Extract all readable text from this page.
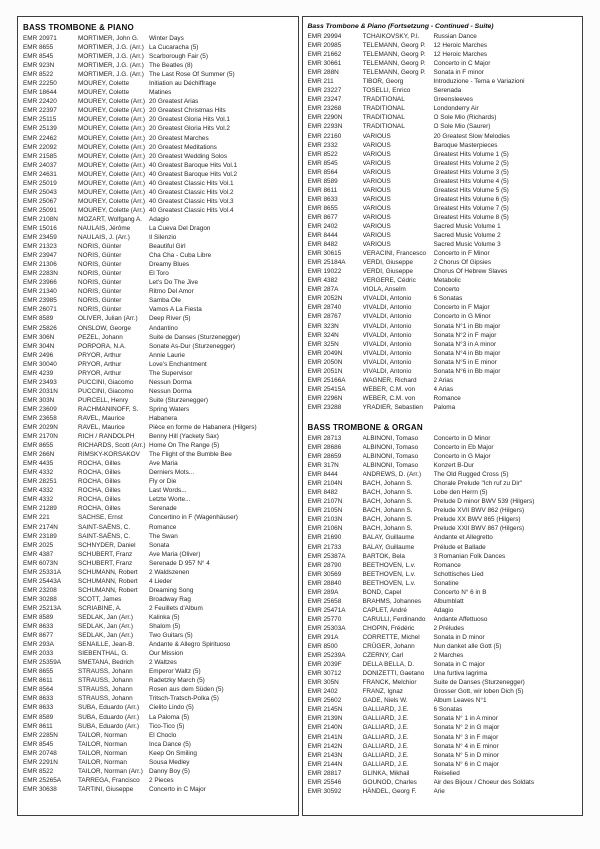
BASS TROMBONE & PIANO
EMR 20971	MORTIMER, John G.	Winter Days
EMR 8655	MORTIMER, J.G. (Arr.) La Cucaracha (5)
EMR 8545	MORTIMER, J.G. (Arr.) Scarborough Fair (5)
EMR 923N	MORTIMER, J.G. (Arr.) The Beatles (8)
EMR 8522	MORTIMER, J.G. (Arr.) The Last Rose Of Summer (5)
EMR 22250	MOUREY, Colette	Initiation au Déchiffrage
EMR 18644	MOUREY, Colette	Matines
EMR 22420	MOUREY, Colette (Arr.) 20 Greatest Arias
EMR 22397	MOUREY, Colette (Arr.) 20 Greatest Christmas Hits
EMR 25115	MOUREY, Colette (Arr.) 20 Greatest Gloria Hits Vol.1
EMR 25139	MOUREY, Colette (Arr.) 20 Greatest Gloria Hits Vol.2
EMR 22462	MOUREY, Colette (Arr.) 20 Greatest Marches
EMR 22092	MOUREY, Colette (Arr.) 20 Greatest Meditations
EMR 21585	MOUREY, Colette (Arr.) 20 Greatest Wedding Solos
EMR 24037	MOUREY, Colette (Arr.) 40 Greatest Baroque Hits Vol.1
EMR 24631	MOUREY, Colette (Arr.) 40 Greatest Baroque Hits Vol.2
EMR 25019	MOUREY, Colette (Arr.) 40 Greatest Classic Hits Vol.1
EMR 25043	MOUREY, Colette (Arr.) 40 Greatest Classic Hits Vol.2
EMR 25067	MOUREY, Colette (Arr.) 40 Greatest Classic Hits Vol.3
EMR 25091	MOUREY, Colette (Arr.) 40 Greatest Classic Hits Vol.4
EMR 2108N	MOZART, Wolfgang A.	Adagio
EMR 15016	NAULAIS, Jérôme	La Cueva Del Dragon
EMR 23459	NAULAIS, J. (Arr.)	Il Silenzio
EMR 21323	NORIS, Günter	Beautiful Girl
EMR 23947	NORIS, Günter	Cha Cha - Cuba Libre
EMR 21306	NORIS, Günter	Dreamy Blues
EMR 2283N	NORIS, Günter	El Toro
EMR 23966	NORIS, Günter	Let's Do The Jive
EMR 21340	NORIS, Günter	Ritmo Del Amor
EMR 23985	NORIS, Günter	Samba Ole
EMR 26071	NORIS, Günter	Vamos A La Fiesta
EMR 8589	OLIVER, Julian (Arr.)	Deep River (5)
EMR 25826	ONSLOW, George	Andantino
EMR 306N	PEZEL, Johann	Suite de Danses (Sturzenegger)
EMR 304N	PORPORA, N.A.	Sonate As-Dur (Sturzenegger)
EMR 2496	PRYOR, Arthur	Annie Laurie
EMR 30040	PRYOR, Arthur	Love's Enchantment
EMR 4239	PRYOR, Arthur	The Supervisor
EMR 23493	PUCCINI, Giacomo	Nessun Dorma
EMR 2031N	PUCCINI, Giacomo	Nessun Dorma
EMR 303N	PURCELL, Henry	Suite (Sturzenegger)
EMR 23609	RACHMANINOFF, S.	Spring Waters
EMR 23658	RAVEL, Maurice	Habanera
EMR 2029N	RAVEL, Maurice	Pièce en forme de Habanera (Hilgers)
EMR 2170N	RICH / RANDOLPH	Benny Hill (Yackety Sax)
EMR 8655	RICHARDS, Scott (Arr.) Home On The Range (5)
EMR 266N	RIMSKY-KORSAKOV	The Flight of the Bumble Bee
EMR 4435	ROCHA, Gilles	Ave Maria
EMR 4332	ROCHA, Gilles	Derniers Mots...
EMR 28251	ROCHA, Gilles	Fly or Die
EMR 4332	ROCHA, Gilles	Last Words...
EMR 4332	ROCHA, Gilles	Letzte Worte...
EMR 21289	ROCHA, Gilles	Serenade
EMR 221	SACHSE, Ernst	Concertino in F (Wagenhäuser)
EMR 2174N	SAINT-SAËNS, C.	Romance
EMR 23189	SAINT-SAËNS, C.	The Swan
EMR 2025	SCHNYDER, Daniel	Sonata
EMR 4387	SCHUBERT, Franz	Ave Maria (Oliver)
EMR 6073N	SCHUBERT, Franz	Serenade D 957 N° 4
EMR 25331A	SCHUMANN, Robert	2 Waldszenen
EMR 25443A	SCHUMANN, Robert	4 Lieder
EMR 23208	SCHUMANN, Robert	Dreaming Song
EMR 30288	SCOTT, James	Broadway Rag
EMR 25213A	SCRIABINE, A.	2 Feuillets d'Album
EMR 8589	SEDLAK, Jan (Arr.)	Kalinka (5)
EMR 8633	SEDLAK, Jan (Arr.)	Shalom (5)
EMR 8677	SEDLAK, Jan (Arr.)	Two Guitars (5)
EMR 293A	SENAILLE, Jean-B.	Andante & Allegro Spirituoso
EMR 2033	SIEBENTHAL, G.	Our Mission
EMR 25359A	SMETANA, Bedrich	2 Waltzes
EMR 8655	STRAUSS, Johann	Emperor Waltz (5)
EMR 8611	STRAUSS, Johann	Radetzky March (5)
EMR 8564	STRAUSS, Johann	Rosen aus dem Süden (5)
EMR 8633	STRAUSS, Johann	Tritsch-Tratsch-Polka (5)
EMR 8633	SUBA, Eduardo (Arr.)	Cielito Lindo (5)
EMR 8589	SUBA, Eduardo (Arr.)	La Paloma (5)
EMR 8611	SUBA, Eduardo (Arr.)	Tico-Tico (5)
EMR 2285N	TAILOR, Norman	El Choclo
EMR 8545	TAILOR, Norman	Inca Dance (5)
EMR 20748	TAILOR, Norman	Keep On Smiling
EMR 2291N	TAILOR, Norman	Sousa Medley
EMR 8522	TAILOR, Norman (Arr.) Danny Boy (5)
EMR 25265A	TARREGA, Francisco	2 Pieces
EMR 30638	TARTINI, Giuseppe	Concerto in C Major
Bass Trombone & Piano (Fortsetzung - Continued - Suite)
EMR 29994	TCHAIKOVSKY, P.I.	Russian Dance
EMR 20985	TELEMANN, Georg P.	12 Heroic Marches
EMR 21662	TELEMANN, Georg P.	12 Heroic Marches
EMR 30661	TELEMANN, Georg P.	Concerto in C Major
EMR 288N	TELEMANN, Georg P.	Sonata in F minor
EMR 211	TIBOR, Georg	Introduzione - Tema e Variazioni
EMR 23227	TOSELLI, Enrico	Serenada
EMR 23247	TRADITIONAL	Greensleeves
EMR 23268	TRADITIONAL	Londonderry Air
EMR 2290N	TRADITIONAL	O Sole Mio (Richards)
EMR 2293N	TRADITIONAL	O Sole Mio (Saurer)
EMR 22160	VARIOUS	20 Greatest Slow Melodies
EMR 2332	VARIOUS	Baroque Masterpieces
EMR 8522	VARIOUS	Greatest Hits Volume 1 (5)
EMR 8545	VARIOUS	Greatest Hits Volume 2 (5)
EMR 8564	VARIOUS	Greatest Hits Volume 3 (5)
EMR 8589	VARIOUS	Greatest Hits Volume 4 (5)
EMR 8611	VARIOUS	Greatest Hits Volume 5 (5)
EMR 8633	VARIOUS	Greatest Hits Volume 6 (5)
EMR 8655	VARIOUS	Greatest Hits Volume 7 (5)
EMR 8677	VARIOUS	Greatest Hits Volume 8 (5)
EMR 2402	VARIOUS	Sacred Music Volume 1
EMR 8444	VARIOUS	Sacred Music Volume 2
EMR 8482	VARIOUS	Sacred Music Volume 3
EMR 30615	VERACINI, Francesco	Concerto in F Minor
EMR 25184A	VERDI, Giuseppe	2 Chorus Of Gipsies
EMR 19022	VERDI, Giuseppe	Chorus Of Hebrew Slaves
EMR 4382	VERGERE, Cédric	Metabolic
EMR 287A	VIOLA, Anselm	Concerto
EMR 2052N	VIVALDI, Antonio	6 Sonatas
EMR 28740	VIVALDI, Antonio	Concerto in F Major
EMR 28767	VIVALDI, Antonio	Concerto in G Minor
EMR 323N	VIVALDI, Antonio	Sonata N°1 in Bb major
EMR 324N	VIVALDI, Antonio	Sonata N°2 in F major
EMR 325N	VIVALDI, Antonio	Sonata N°3 in A minor
EMR 2049N	VIVALDI, Antonio	Sonata N°4 in Bb major
EMR 2050N	VIVALDI, Antonio	Sonata N°5 in E minor
EMR 2051N	VIVALDI, Antonio	Sonata N°6 in Bb major
EMR 25166A	WAGNER, Richard	2 Arias
EMR 25415A	WEBER, C.M. von	4 Arias
EMR 2296N	WEBER, C.M. von	Romance
EMR 23288	YRADIER, Sebastien	Paloma
BASS TROMBONE & ORGAN
EMR 28713	ALBINONI, Tomaso	Concerto in D Minor
EMR 28686	ALBINONI, Tomaso	Concerto in Eb Major
EMR 28659	ALBINONI, Tomaso	Concerto in G Major
EMR 317N	ALBINONI, Tomaso	Konzert B-Dur
EMR 8444	ANDREWS, D. (Arr.)	The Old Rugged Cross (5)
EMR 2104N	BACH, Johann S.	Chorale Prelude "Ich ruf zu Dir"
EMR 8482	BACH, Johann S.	Lobe den Herrn (5)
EMR 2107N	BACH, Johann S.	Prelude D minor BWV 539 (Hilgers)
EMR 2105N	BACH, Johann S.	Prelude XVII BWV 862 (Hilgers)
EMR 2103N	BACH, Johann S.	Prelude XX BWV 865 (Hilgers)
EMR 2106N	BACH, Johann S.	Prelude XXII BWV 867 (Hilgers)
EMR 21690	BALAY, Guillaume	Andante et Allegretto
EMR 21733	BALAY, Guillaume	Prélude et Ballade
EMR 25387A	BARTOK, Bela	3 Romanian Folk Dances
EMR 28790	BEETHOVEN, L.v.	Romance
EMR 30569	BEETHOVEN, L.v.	Schottisches Lied
EMR 28840	BEETHOVEN, L.v.	Sonatine
EMR 289A	BOND, Capel	Concerto N° 6 in B
EMR 25658	BRAHMS, Johannes	Albumblatt
EMR 25471A	CAPLET, André	Adagio
EMR 25770	CARULLI, Ferdinando	Andante Affettuoso
EMR 25303A	CHOPIN, Frédéric	2 Préludes
EMR 291A	CORRETTE, Michel	Sonata in D minor
EMR 8500	CRÜGER, Johann	Nun danket alle Gott (5)
EMR 25239A	CZERNY, Carl	2 Marches
EMR 2039F	DELLA BELLA, D.	Sonata in C major
EMR 30712	DONIZETTI, Gaetano	Una furtiva lagrima
EMR 305N	FRANCK, Melchior	Suite de Danses (Sturzenegger)
EMR 2402	FRANZ, Ignaz	Grosser Gott, wir loben Dich (5)
EMR 25602	GADE, Niels W.	Album Leaves N°1
EMR 2145N	GALLIARD, J.E.	6 Sonatas
EMR 2139N	GALLIARD, J.E.	Sonata N° 1 in A minor
EMR 2140N	GALLIARD, J.E.	Sonata N° 2 in G major
EMR 2141N	GALLIARD, J.E.	Sonata N° 3 in F major
EMR 2142N	GALLIARD, J.E.	Sonata N° 4 in E minor
EMR 2143N	GALLIARD, J.E.	Sonata N° 5 in D minor
EMR 2144N	GALLIARD, J.E.	Sonata N° 6 in C major
EMR 28817	GLINKA, Mikhail	Reiselied
EMR 25546	GOUNOD, Charles	Air des Bijoux / Choeur des Soldats
EMR 30592	HÄNDEL, Georg F.	Arie
